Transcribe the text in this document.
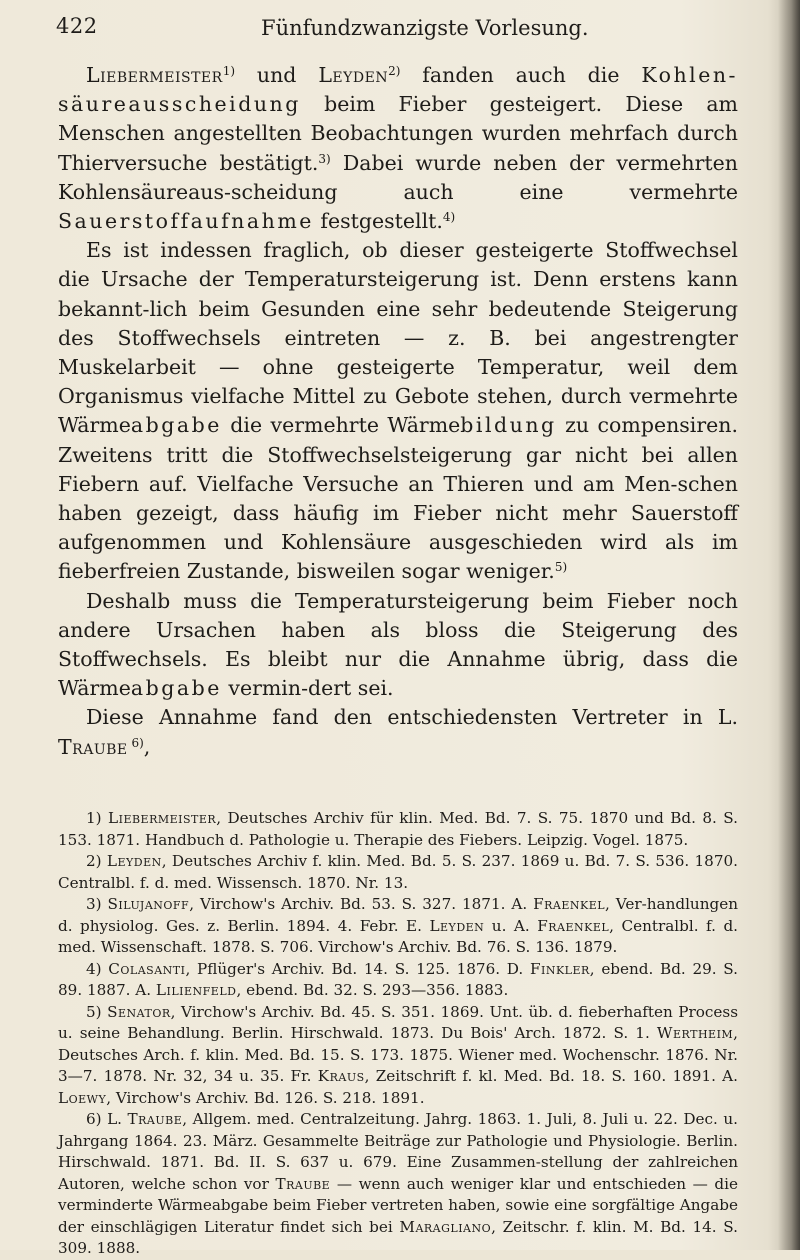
422	Fünfundzwanzigste Vorlesung.

Liebermeister$^{1)}$ und Leyden$^{2)}$ fanden auch die Kohlen-säureausscheidung beim Fieber gesteigert. Diese am Menschen angestellten Beobachtungen wurden mehrfach durch Thierversuche bestätigt.$^{3)}$ Dabei wurde neben der vermehrten Kohlensäureaus-scheidung auch eine vermehrte Sauerstoffaufnahme festgestellt.$^{4)}$

Es ist indessen fraglich, ob dieser gesteigerte Stoffwechsel die Ursache der Temperatursteigerung ist. Denn erstens kann bekannt-lich beim Gesunden eine sehr bedeutende Steigerung des Stoffwechsels eintreten — z. B. bei angestrengter Muskelarbeit — ohne gesteigerte Temperatur, weil dem Organismus vielfache Mittel zu Gebote stehen, durch vermehrte Wärmeabgabe die vermehrte Wärmebildung zu compensiren. Zweitens tritt die Stoffwechselsteigerung gar nicht bei allen Fiebern auf. Vielfache Versuche an Thieren und am Men-schen haben gezeigt, dass häufig im Fieber nicht mehr Sauerstoff aufgenommen und Kohlensäure ausgeschieden wird als im fieberfreien Zustande, bisweilen sogar weniger.$^{5)}$

Deshalb muss die Temperatursteigerung beim Fieber noch andere Ursachen haben als bloss die Steigerung des Stoffwechsels. Es bleibt nur die Annahme übrig, dass die Wärmeabgabe vermin-dert sei.

Diese Annahme fand den entschiedensten Vertreter in L. Traube $^{6)}$,

1) Liebermeister, Deutsches Archiv für klin. Med. Bd. 7. S. 75. 1870 und Bd. 8. S. 153. 1871. Handbuch d. Pathologie u. Therapie des Fiebers. Leipzig. Vogel. 1875.

2) Leyden, Deutsches Archiv f. klin. Med. Bd. 5. S. 237. 1869 u. Bd. 7. S. 536. 1870. Centralbl. f. d. med. Wissensch. 1870. Nr. 13.

3) Silujanoff, Virchow's Archiv. Bd. 53. S. 327. 1871. A. Fraenkel, Ver-handlungen d. physiolog. Ges. z. Berlin. 1894. 4. Febr. E. Leyden u. A. Fraenkel, Centralbl. f. d. med. Wissenschaft. 1878. S. 706. Virchow's Archiv. Bd. 76. S. 136. 1879.

4) Colasanti, Pflüger's Archiv. Bd. 14. S. 125. 1876. D. Finkler, ebend. Bd. 29. S. 89. 1887. A. Lilienfeld, ebend. Bd. 32. S. 293—356. 1883.

5) Senator, Virchow's Archiv. Bd. 45. S. 351. 1869. Unt. üb. d. fieberhaften Process u. seine Behandlung. Berlin. Hirschwald. 1873. Du Bois' Arch. 1872. S. 1. Wertheim, Deutsches Arch. f. klin. Med. Bd. 15. S. 173. 1875. Wiener med. Wochenschr. 1876. Nr. 3—7. 1878. Nr. 32, 34 u. 35. Fr. Kraus, Zeitschrift f. kl. Med. Bd. 18. S. 160. 1891. A. Loewy, Virchow's Archiv. Bd. 126. S. 218. 1891.

6) L. Traube, Allgem. med. Centralzeitung. Jahrg. 1863. 1. Juli, 8. Juli u. 22. Dec. u. Jahrgang 1864. 23. März. Gesammelte Beiträge zur Pathologie und Physiologie. Berlin. Hirschwald. 1871. Bd. II. S. 637 u. 679. Eine Zusammen-stellung der zahlreichen Autoren, welche schon vor Traube — wenn auch weniger klar und entschieden — die verminderte Wärmeabgabe beim Fieber vertreten haben, sowie eine sorgfältige Angabe der einschlägigen Literatur findet sich bei Maragliano, Zeitschr. f. klin. M. Bd. 14. S. 309. 1888.
